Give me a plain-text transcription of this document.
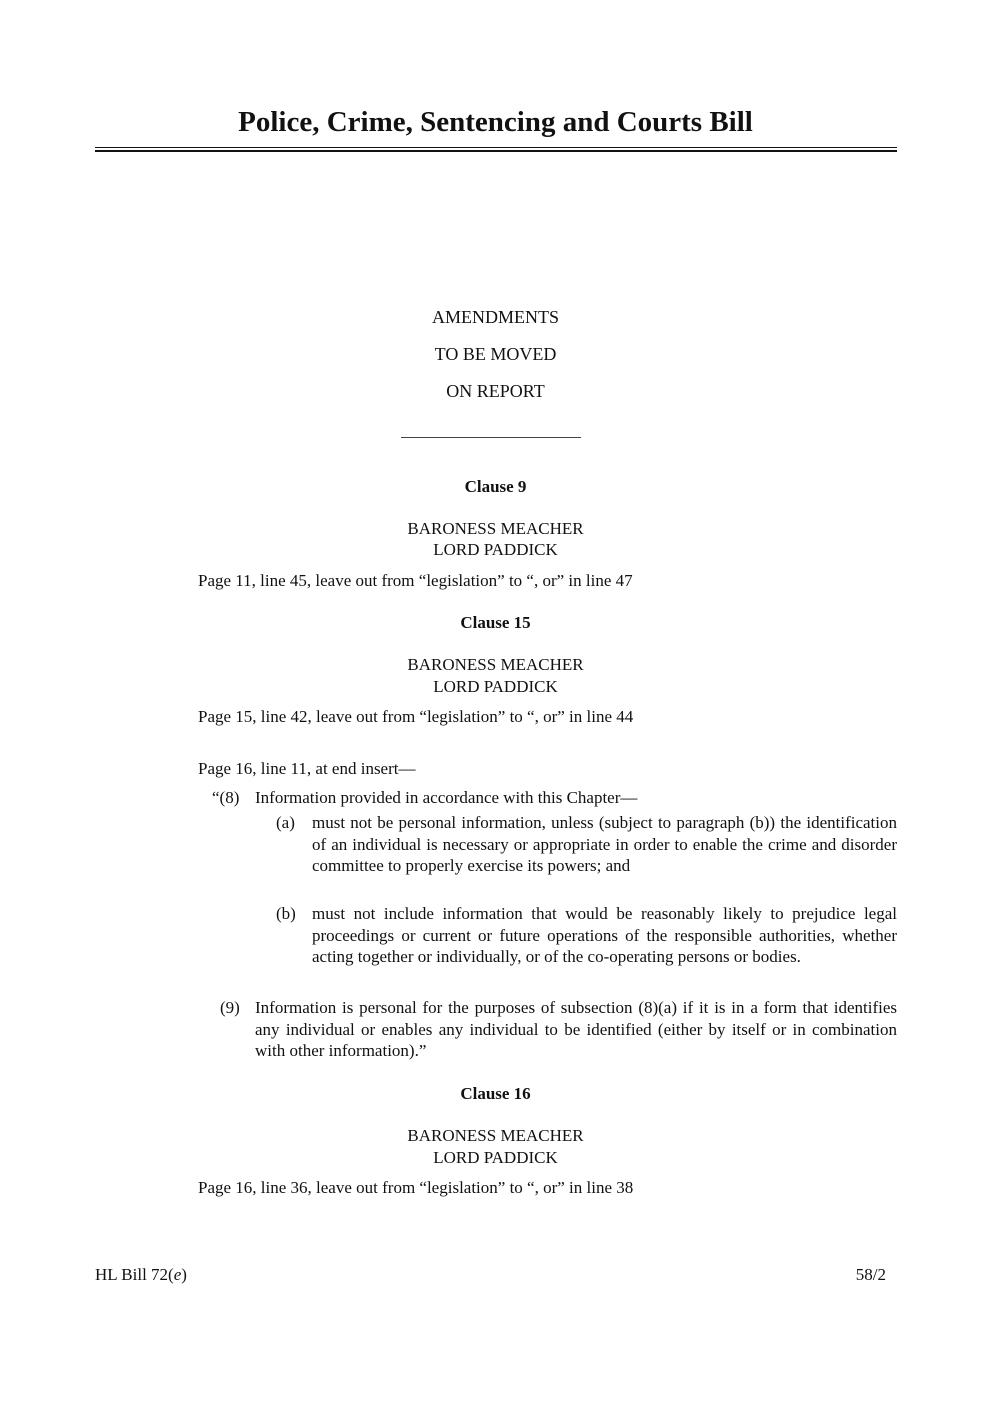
Police, Crime, Sentencing and Courts Bill
AMENDMENTS
TO BE MOVED
ON REPORT
Clause 9
BARONESS MEACHER
LORD PADDICK
Page 11, line 45, leave out from “legislation” to “, or” in line 47
Clause 15
BARONESS MEACHER
LORD PADDICK
Page 15, line 42, leave out from “legislation” to “, or” in line 44
Page 16, line 11, at end insert—
“(8) Information provided in accordance with this Chapter—
(a) must not be personal information, unless (subject to paragraph (b)) the identification of an individual is necessary or appropriate in order to enable the crime and disorder committee to properly exercise its powers; and
(b) must not include information that would be reasonably likely to prejudice legal proceedings or current or future operations of the responsible authorities, whether acting together or individually, or of the co-operating persons or bodies.
(9) Information is personal for the purposes of subsection (8)(a) if it is in a form that identifies any individual or enables any individual to be identified (either by itself or in combination with other information).”
Clause 16
BARONESS MEACHER
LORD PADDICK
Page 16, line 36, leave out from “legislation” to “, or” in line 38
HL Bill 72(e)	58/2
